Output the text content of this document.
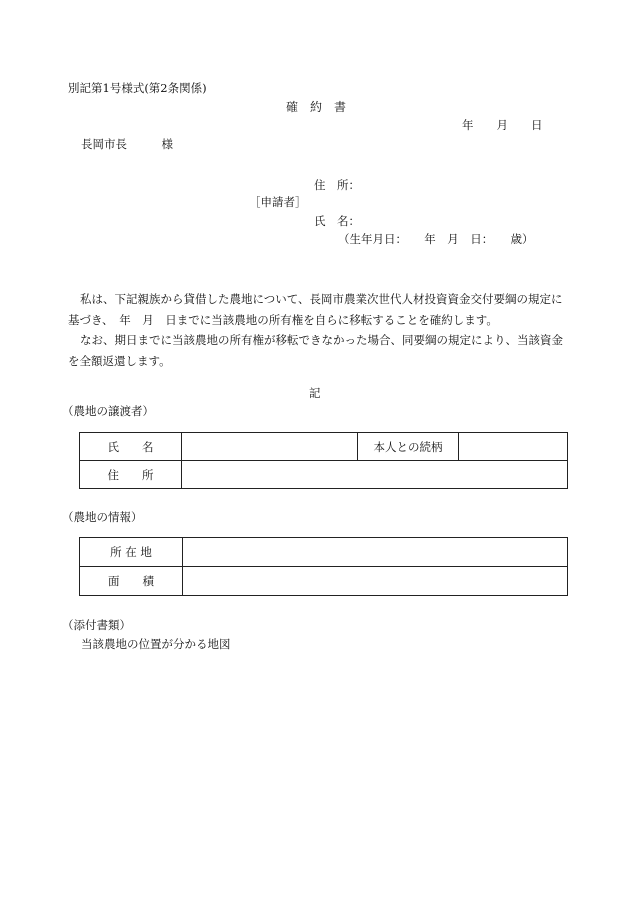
別記第1号様式(第2条関係)
確　約　書
年　　月　　日
長岡市長　　　様
住　所：
［申請者］
氏　名：
（生年月日：　　年　月　日：　　歳）

私は、下記親族から貸借した農地について、長岡市農業次世代人材投資資金交付要綱の規定に基づき、　年　月　日までに当該農地の所有権を自らに移転することを確約します。

なお、期日までに当該農地の所有権が移転できなかった場合、同要綱の規定により、当該資金を全額返還します。

記
（農地の譲渡者）
氏　　名		本人との続柄	
住　　所			
（農地の情報）
所 在 地	
面　　積	
（添付書類）
当該農地の位置が分かる地図
